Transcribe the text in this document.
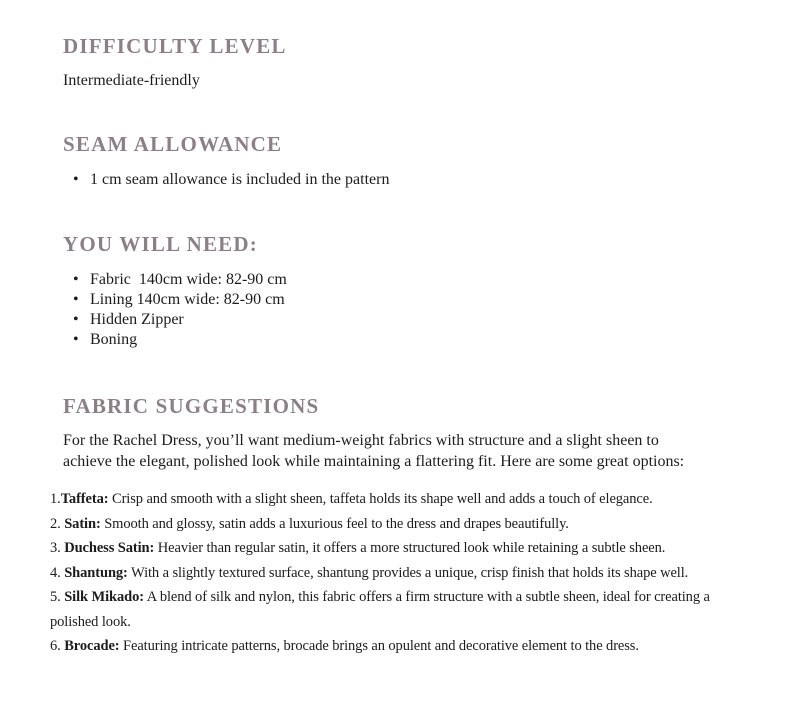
DIFFICULTY LEVEL

Intermediate-friendly

SEAM ALLOWANCE
• 1 cm seam allowance is included in the pattern
YOU WILL NEED:
• Fabric  140cm wide: 82-90 cm
• Lining 140cm wide: 82-90 cm
• Hidden Zipper
• Boning
FABRIC SUGGESTIONS
For the Rachel Dress, you’ll want medium-weight fabrics with structure and a slight sheen to
achieve the elegant, polished look while maintaining a flattering fit. Here are some great options:
1.Taffeta: Crisp and smooth with a slight sheen, taffeta holds its shape well and adds a touch of elegance.
2. Satin: Smooth and glossy, satin adds a luxurious feel to the dress and drapes beautifully.
3. Duchess Satin: Heavier than regular satin, it offers a more structured look while retaining a subtle sheen.
4. Shantung: With a slightly textured surface, shantung provides a unique, crisp finish that holds its shape well.
5. Silk Mikado: A blend of silk and nylon, this fabric offers a firm structure with a subtle sheen, ideal for creating a polished look.
6. Brocade: Featuring intricate patterns, brocade brings an opulent and decorative element to the dress.
